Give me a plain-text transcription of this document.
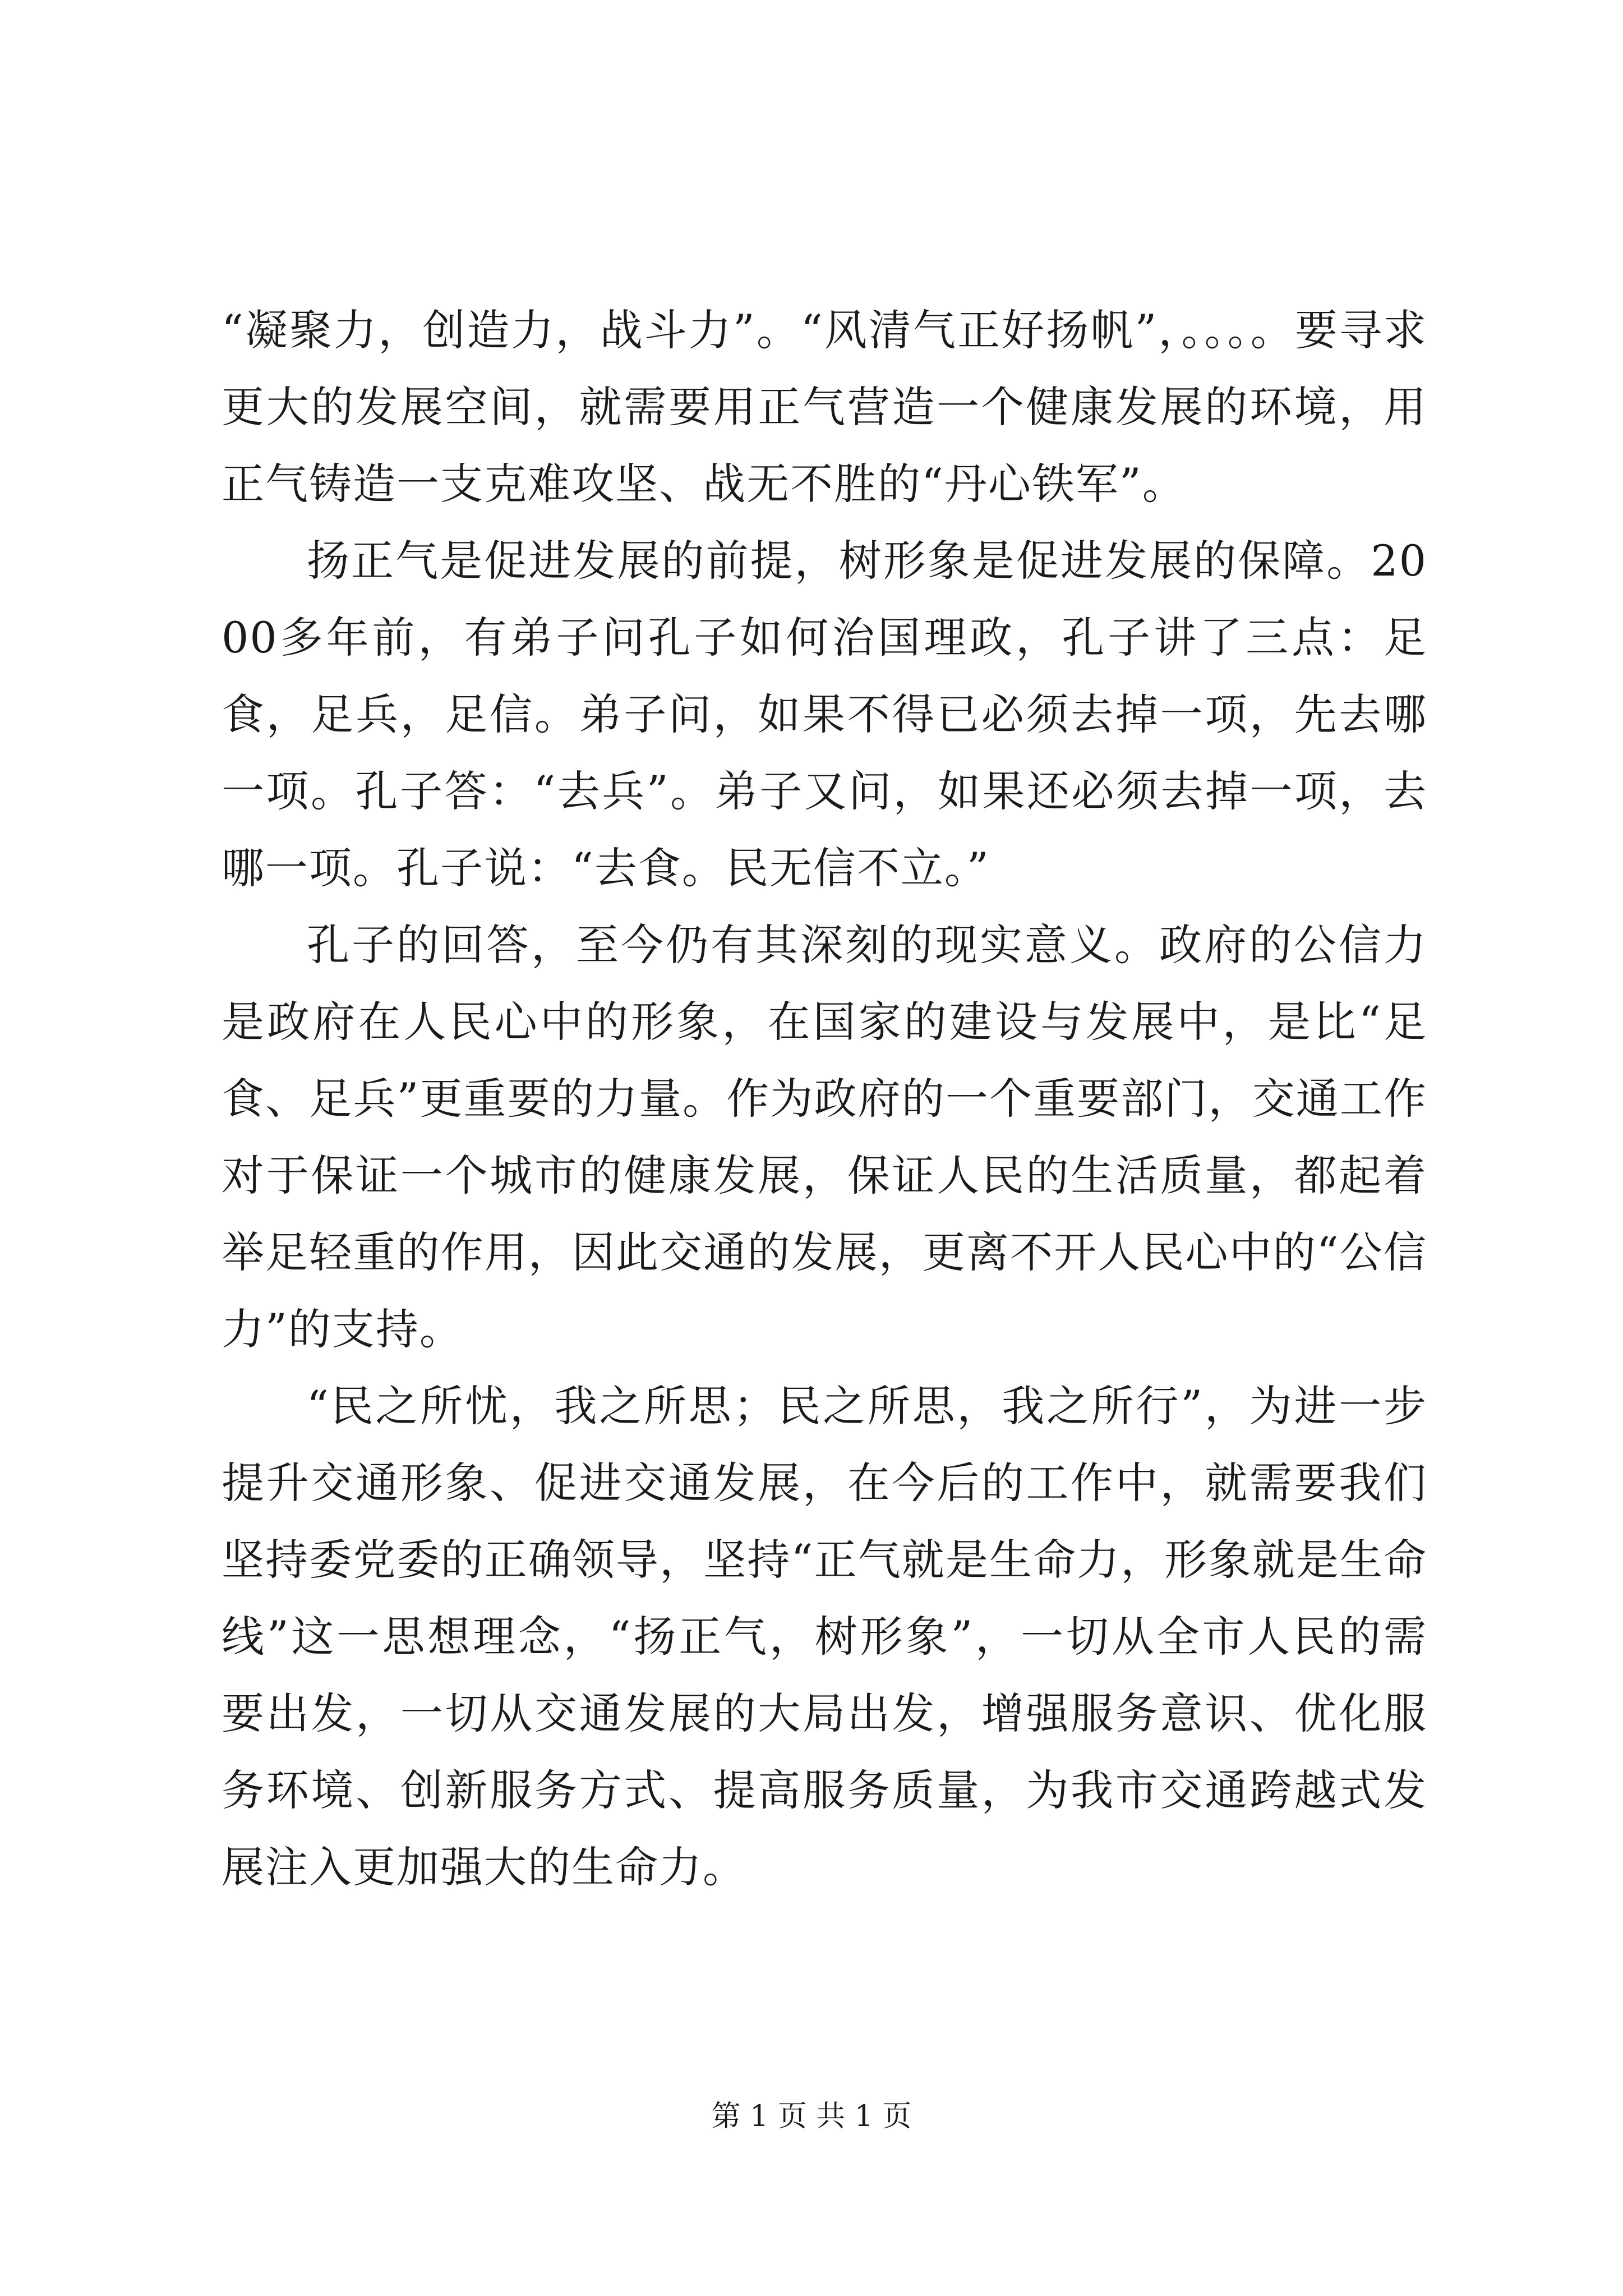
“凝聚力，创造力，战斗力”。“风清气正好扬帆”，。。。。要寻求更大的发展空间，就需要用正气营造一个健康发展的环境，用正气铸造一支克难攻坚、战无不胜的“丹心铁军”。

扬正气是促进发展的前提，树形象是促进发展的保障。2000多年前，有弟子问孔子如何治国理政，孔子讲了三点：足食，足兵，足信。弟子问，如果不得已必须去掉一项，先去哪一项。孔子答：“去兵”。弟子又问，如果还必须去掉一项，去哪一项。孔子说：“去食。民无信不立。”

孔子的回答，至今仍有其深刻的现实意义。政府的公信力是政府在人民心中的形象，在国家的建设与发展中，是比“足食、足兵”更重要的力量。作为政府的一个重要部门，交通工作对于保证一个城市的健康发展，保证人民的生活质量，都起着举足轻重的作用，因此交通的发展，更离不开人民心中的“公信力”的支持。

“民之所忧，我之所思；民之所思，我之所行”，为进一步提升交通形象、促进交通发展，在今后的工作中，就需要我们坚持委党委的正确领导，坚持“正气就是生命力，形象就是生命线”这一思想理念，“扬正气，树形象”，一切从全市人民的需要出发，一切从交通发展的大局出发，增强服务意识、优化服务环境、创新服务方式、提高服务质量，为我市交通跨越式发展注入更加强大的生命力。

第 1 页 共 1 页
